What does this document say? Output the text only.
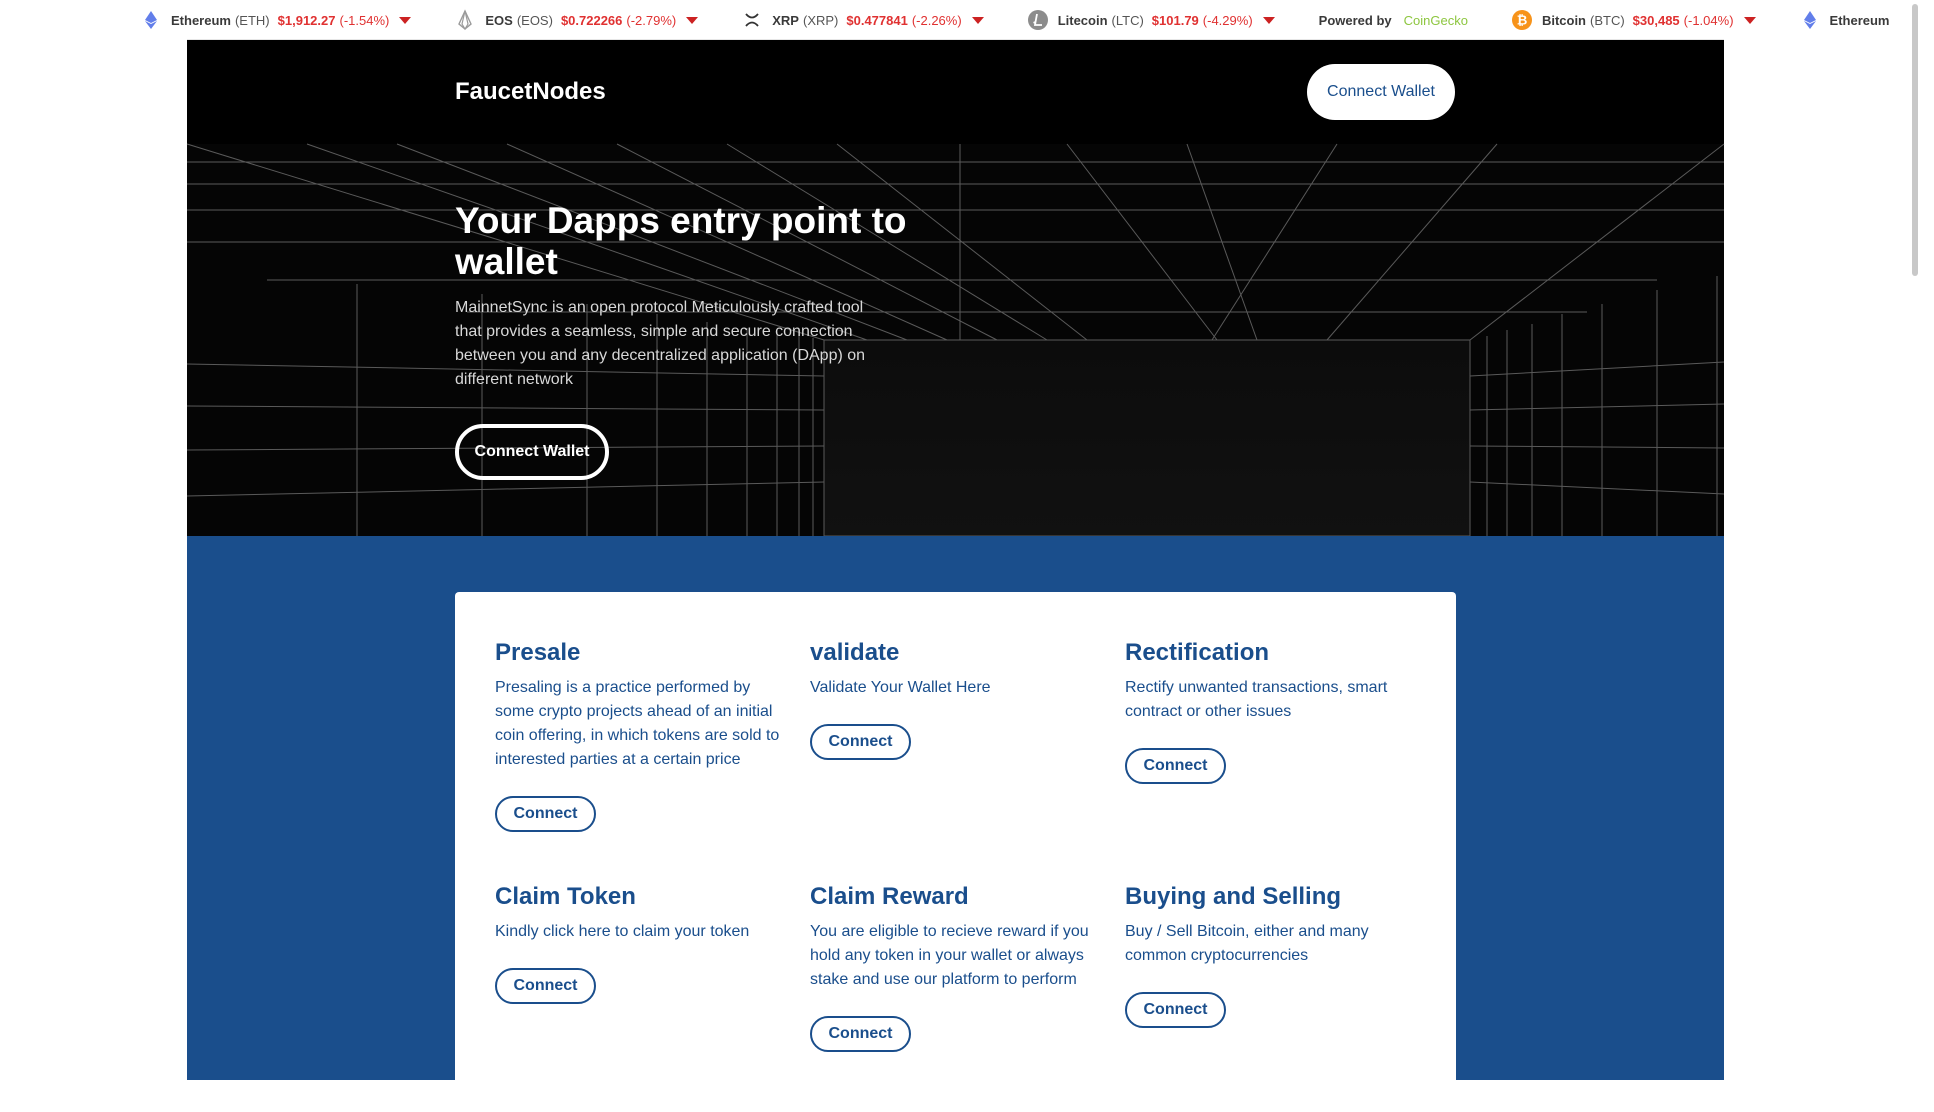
Ethereum (ETH) $1,912.27 (-1.54%)	EOS (EOS) $0.722266 (-2.79%)	XRP (XRP) $0.477841 (-2.26%)	Litecoin (LTC) $101.79 (-4.29%)	Powered by CoinGecko	₿ Bitcoin (BTC) $30,485 (-1.04%)	Ethereum
FaucetNodes	Connect Wallet
Your Dapps entry point to wallet

MainnetSync is an open protocol Meticulously crafted tool that provides a seamless, simple and secure connection between you and any decentralized application (DApp) on different network

Connect Wallet
Presale
Presaling is a practice performed by some crypto projects ahead of an initial coin offering, in which tokens are sold to interested parties at a certain price
Connect
validate
Validate Your Wallet Here
Connect
Rectification
Rectify unwanted transactions, smart contract or other issues
Connect
Claim Token
Kindly click here to claim your token
Connect
Claim Reward
You are eligible to recieve reward if you hold any token in your wallet or always stake and use our platform to perform
Connect
Buying and Selling
Buy / Sell Bitcoin, either and many common cryptocurrencies
Connect
